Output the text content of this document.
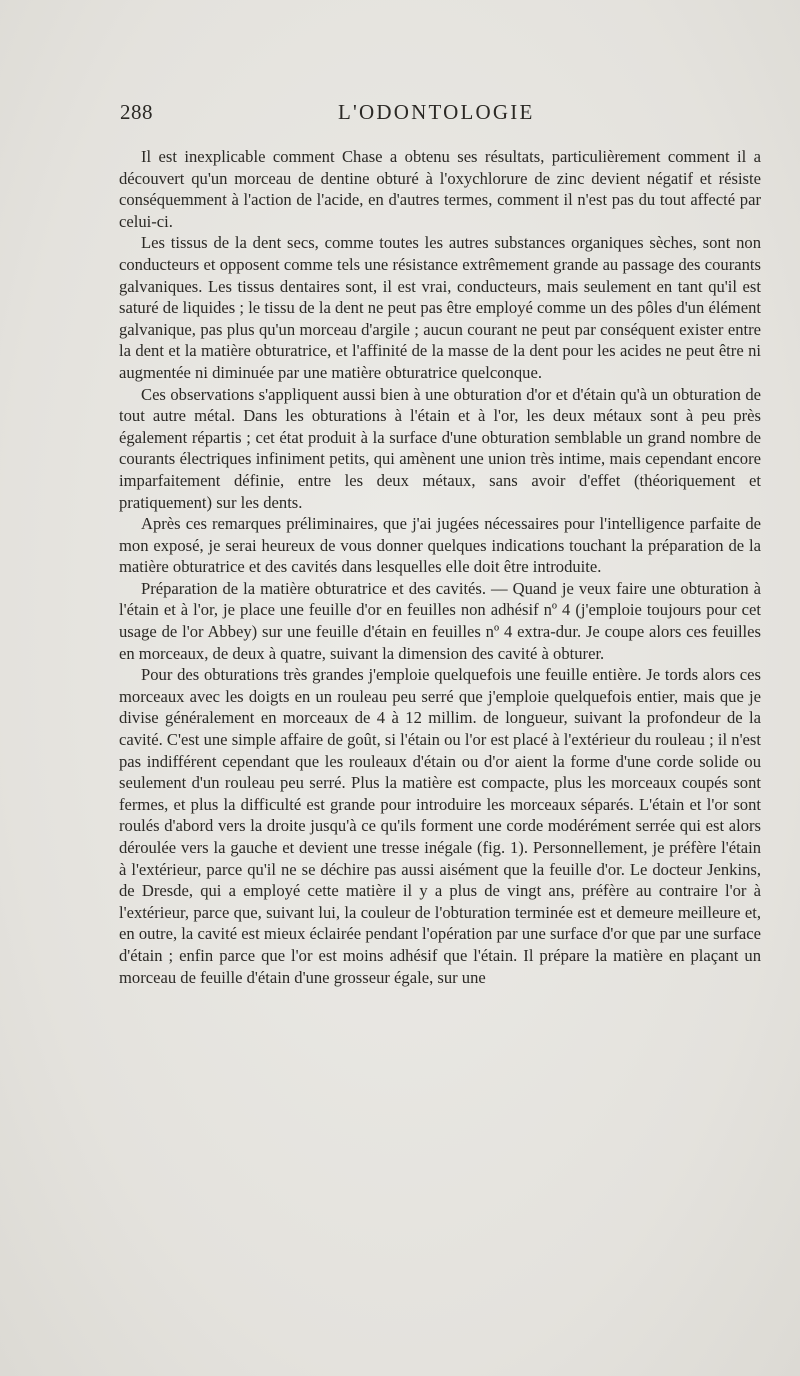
288	L'ODONTOLOGIE

Il est inexplicable comment Chase a obtenu ses résultats, particulièrement comment il a découvert qu'un morceau de dentine obturé à l'oxychlorure de zinc devient négatif et résiste conséquemment à l'action de l'acide, en d'autres termes, comment il n'est pas du tout affecté par celui-ci.

Les tissus de la dent secs, comme toutes les autres substances organiques sèches, sont non conducteurs et opposent comme tels une résistance extrêmement grande au passage des courants galvaniques. Les tissus dentaires sont, il est vrai, conducteurs, mais seulement en tant qu'il est saturé de liquides ; le tissu de la dent ne peut pas être employé comme un des pôles d'un élément galvanique, pas plus qu'un morceau d'argile ; aucun courant ne peut par conséquent exister entre la dent et la matière obturatrice, et l'affinité de la masse de la dent pour les acides ne peut être ni augmentée ni diminuée par une matière obturatrice quelconque.

Ces observations s'appliquent aussi bien à une obturation d'or et d'étain qu'à un obturation de tout autre métal. Dans les obturations à l'étain et à l'or, les deux métaux sont à peu près également répartis ; cet état produit à la surface d'une obturation semblable un grand nombre de courants électriques infiniment petits, qui amènent une union très intime, mais cependant encore imparfaitement définie, entre les deux métaux, sans avoir d'effet (théoriquement et pratiquement) sur les dents.

Après ces remarques préliminaires, que j'ai jugées nécessaires pour l'intelligence parfaite de mon exposé, je serai heureux de vous donner quelques indications touchant la préparation de la matière obturatrice et des cavités dans lesquelles elle doit être introduite.

Préparation de la matière obturatrice et des cavités. — Quand je veux faire une obturation à l'étain et à l'or, je place une feuille d'or en feuilles non adhésif nº 4 (j'emploie toujours pour cet usage de l'or Abbey) sur une feuille d'étain en feuilles nº 4 extra-dur. Je coupe alors ces feuilles en morceaux, de deux à quatre, suivant la dimension des cavité à obturer.

Pour des obturations très grandes j'emploie quelquefois une feuille entière. Je tords alors ces morceaux avec les doigts en un rouleau peu serré que j'emploie quelquefois entier, mais que je divise généralement en morceaux de 4 à 12 millim. de longueur, suivant la profondeur de la cavité. C'est une simple affaire de goût, si l'étain ou l'or est placé à l'extérieur du rouleau ; il n'est pas indifférent cependant que les rouleaux d'étain ou d'or aient la forme d'une corde solide ou seulement d'un rouleau peu serré. Plus la matière est compacte, plus les morceaux coupés sont fermes, et plus la difficulté est grande pour introduire les morceaux séparés. L'étain et l'or sont roulés d'abord vers la droite jusqu'à ce qu'ils forment une corde modérément serrée qui est alors déroulée vers la gauche et devient une tresse inégale (fig. 1). Personnellement, je préfère l'étain à l'extérieur, parce qu'il ne se déchire pas aussi aisément que la feuille d'or. Le docteur Jenkins, de Dresde, qui a employé cette matière il y a plus de vingt ans, préfère au contraire l'or à l'extérieur, parce que, suivant lui, la couleur de l'obturation terminée est et demeure meilleure et, en outre, la cavité est mieux éclairée pendant l'opération par une surface d'or que par une surface d'étain ; enfin parce que l'or est moins adhésif que l'étain. Il prépare la matière en plaçant un morceau de feuille d'étain d'une grosseur égale, sur une
